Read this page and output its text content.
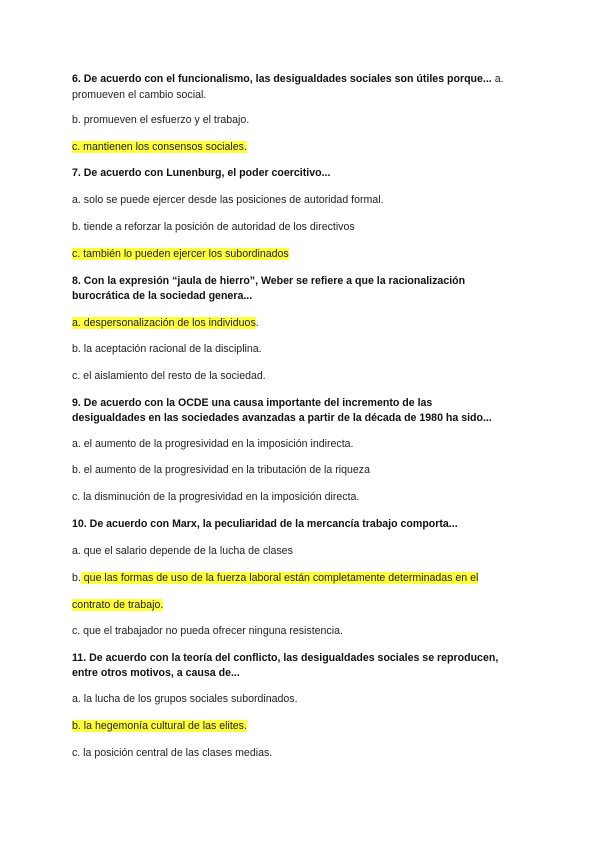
6. De acuerdo con el funcionalismo, las desigualdades sociales son útiles porque... a.
promueven el cambio social.
b. promueven el esfuerzo y el trabajo.
c. mantienen los consensos sociales.
7. De acuerdo con Lunenburg, el poder coercitivo...
a. solo se puede ejercer desde las posiciones de autoridad formal.
b. tiende a reforzar la posición de autoridad de los directivos
c. también lo pueden ejercer los subordinados
8. Con la expresión “jaula de hierro”, Weber se refiere a que la racionalización
burocrática de la sociedad genera...
a. despersonalización de los individuos.
b. la aceptación racional de la disciplina.
c. el aislamiento del resto de la sociedad.
9. De acuerdo con la OCDE una causa importante del incremento de las
desigualdades en las sociedades avanzadas a partir de la década de 1980 ha sido...
a. el aumento de la progresividad en la imposición indirecta.
b. el aumento de la progresividad en la tributación de la riqueza
c. la disminución de la progresividad en la imposición directa.
10. De acuerdo con Marx, la peculiaridad de la mercancía trabajo comporta...
a. que el salario depende de la lucha de clases
b. que las formas de uso de la fuerza laboral están completamente determinadas en el
contrato de trabajo.
c. que el trabajador no pueda ofrecer ninguna resistencia.
11. De acuerdo con la teoría del conflicto, las desigualdades sociales se reproducen,
entre otros motivos, a causa de...
a. la lucha de los grupos sociales subordinados.
b. la hegemonía cultural de las elites.
c. la posición central de las clases medias.
